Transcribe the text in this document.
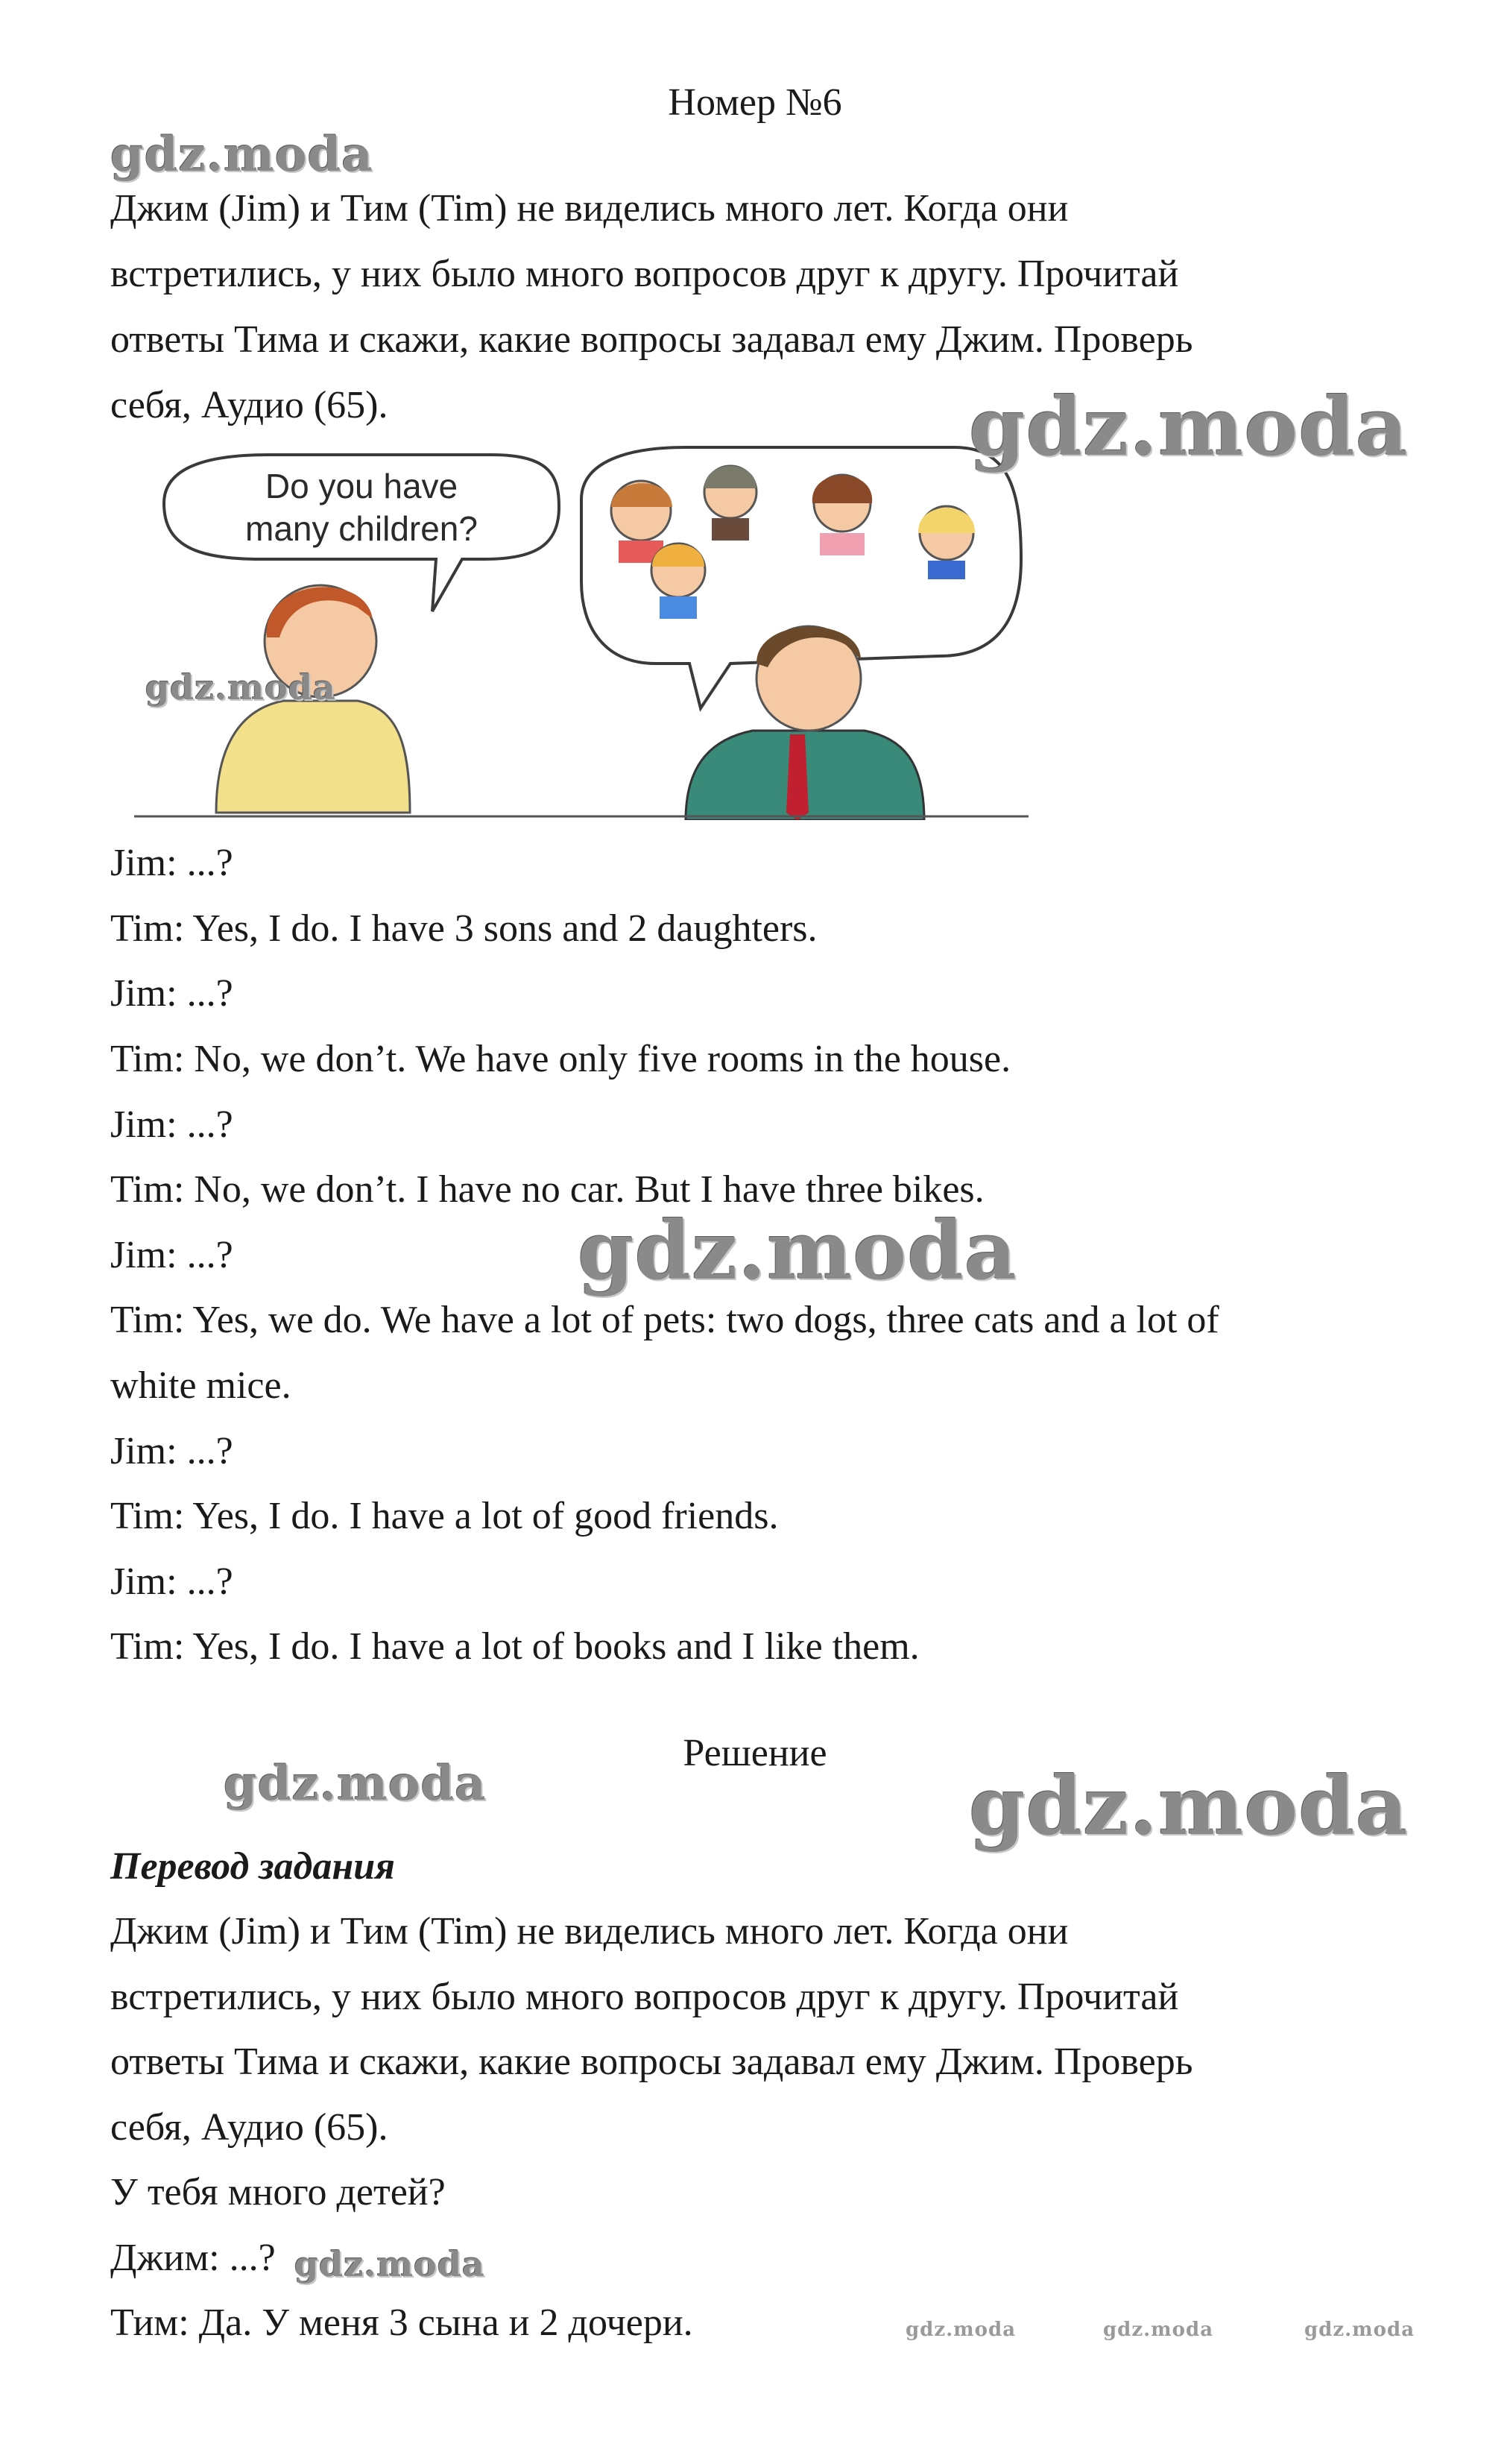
Номер №6
Джим (Jim) и Тим (Tim) не виделись много лет. Когда они
встретились, у них было много вопросов друг к другу. Прочитай
ответы Тима и скажи, какие вопросы задавал ему Джим. Проверь
себя, Аудио (65).
Do you have
many children?
Jim: ...?
Tim: Yes, I do. I have 3 sons and 2 daughters.
Jim: ...?
Tim: No, we don’t. We have only five rooms in the house.
Jim: ...?
Tim: No, we don’t. I have no car. But I have three bikes.
Jim: ...?
Tim: Yes, we do. We have a lot of pets: two dogs, three cats and a lot of
white mice.
Jim: ...?
Tim: Yes, I do. I have a lot of good friends.
Jim: ...?
Tim: Yes, I do. I have a lot of books and I like them.
Решение
Перевод задания
Джим (Jim) и Тим (Tim) не виделись много лет. Когда они
встретились, у них было много вопросов друг к другу. Прочитай
ответы Тима и скажи, какие вопросы задавал ему Джим. Проверь
себя, Аудио (65).
У тебя много детей?
Джим: ...?
Тим: Да. У меня 3 сына и 2 дочери.
gdz.moda
gdz.moda
gdz.moda
gdz.moda
gdz.moda	gdz.moda
gdz.moda
gdz.moda	gdz.moda	gdz.moda
